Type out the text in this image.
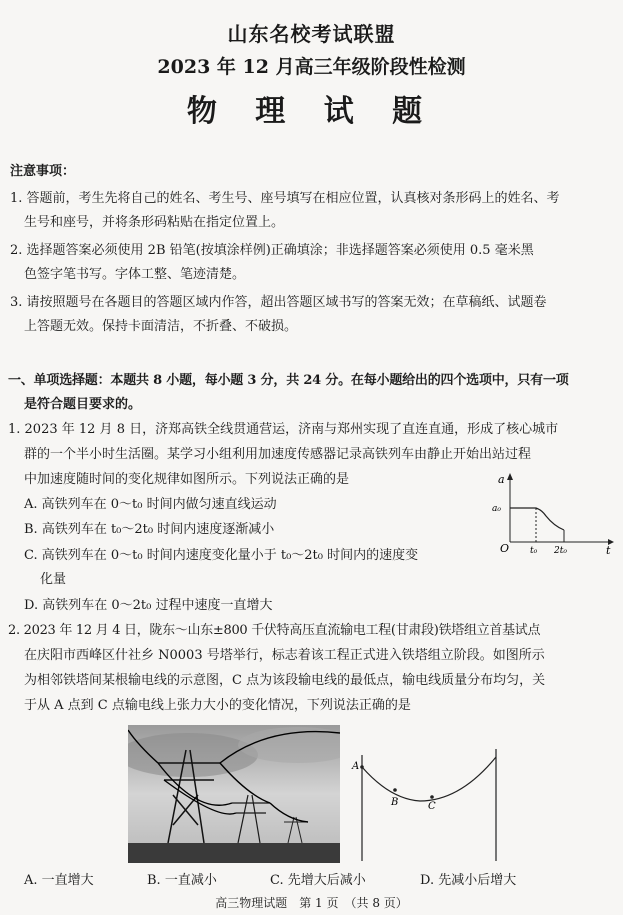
山东名校考试联盟
2023 年 12 月高三年级阶段性检测
物 理 试 题
注意事项：
1. 答题前，考生先将自己的姓名、考生号、座号填写在相应位置，认真核对条形码上的姓名、考
生号和座号，并将条形码粘贴在指定位置上。
2. 选择题答案必须使用 2B 铅笔(按填涂样例)正确填涂；非选择题答案必须使用 0.5 毫米黑
色签字笔书写。字体工整、笔迹清楚。
3. 请按照题号在各题目的答题区域内作答，超出答题区域书写的答案无效；在草稿纸、试题卷
上答题无效。保持卡面清洁，不折叠、不破损。
一、单项选择题：本题共 8 小题，每小题 3 分，共 24 分。在每小题给出的四个选项中，只有一项
是符合题目要求的。
1. 2023 年 12 月 8 日，济郑高铁全线贯通营运，济南与郑州实现了直连直通，形成了核心城市
群的一个半小时生活圈。某学习小组利用加速度传感器记录高铁列车由静止开始出站过程
中加速度随时间的变化规律如图所示。下列说法正确的是
A. 高铁列车在 0～t₀ 时间内做匀速直线运动
B. 高铁列车在 t₀～2t₀ 时间内速度逐渐减小
C. 高铁列车在 0～t₀ 时间内速度变化量小于 t₀～2t₀ 时间内的速度变
化量
D. 高铁列车在 0～2t₀ 过程中速度一直增大
a
t
O
a₀
t₀ 2t₀
2. 2023 年 12 月 4 日，陇东～山东±800 千伏特高压直流输电工程(甘肃段)铁塔组立首基试点
在庆阳市西峰区什社乡 N0003 号塔举行，标志着该工程正式进入铁塔组立阶段。如图所示
为相邻铁塔间某根输电线的示意图，C 点为该段输电线的最低点，输电线质量分布均匀，关
于从 A 点到 C 点输电线上张力大小的变化情况，下列说法正确的是
A
B	C
A. 一直增大	B. 一直减小	C. 先增大后减小	D. 先减小后增大
高三物理试题　第 1 页　（共 8 页）
